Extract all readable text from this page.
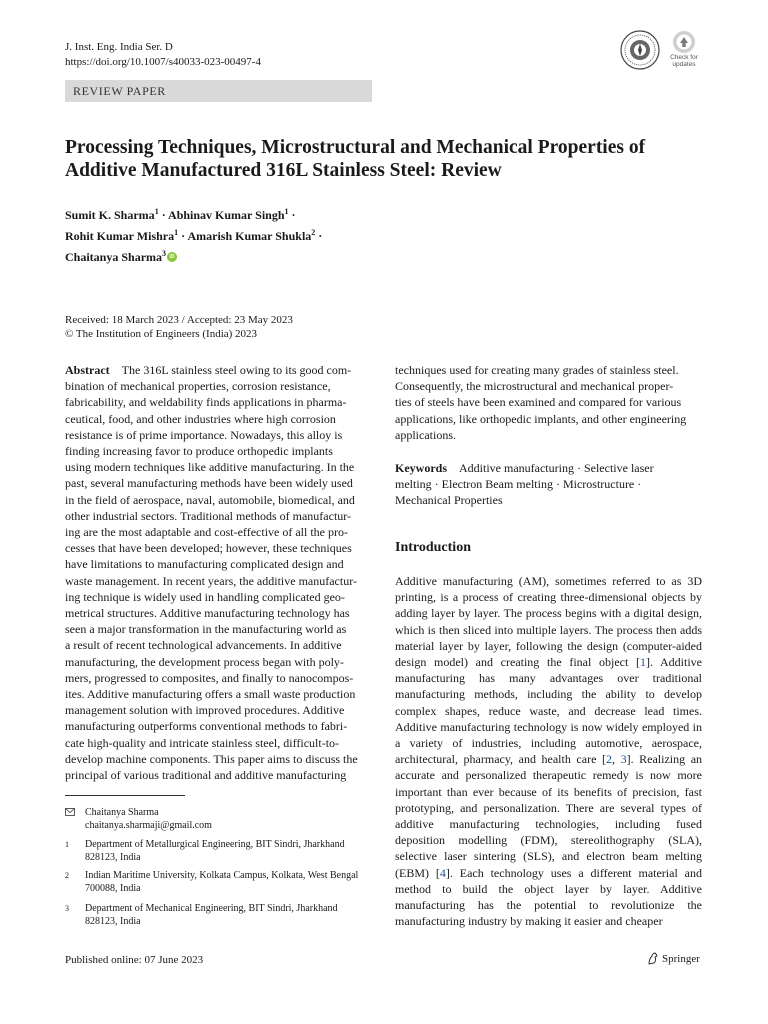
J. Inst. Eng. India Ser. D
https://doi.org/10.1007/s40033-023-00497-4	Check for
updates
REVIEW PAPER
Processing Techniques, Microstructural and Mechanical Properties of Additive Manufactured 316L Stainless Steel: Review
Sumit K. Sharma$^1$ · Abhinav Kumar Singh$^1$ ·
Rohit Kumar Mishra$^1$ · Amarish Kumar Shukla$^2$ ·
Chaitanya Sharma$^3$iD
Received: 18 March 2023 / Accepted: 23 May 2023
© The Institution of Engineers (India) 2023
Abstract The 316L stainless steel owing to its good com-
bination of mechanical properties, corrosion resistance,
fabricability, and weldability finds applications in pharma-
ceutical, food, and other industries where high corrosion
resistance is of prime importance. Nowadays, this alloy is
finding increasing favor to produce orthopedic implants
using modern techniques like additive manufacturing. In the
past, several manufacturing methods have been widely used
in the field of aerospace, naval, automobile, biomedical, and
other industrial sectors. Traditional methods of manufactur-
ing are the most adaptable and cost-effective of all the pro-
cesses that have been developed; however, these techniques
have limitations to manufacturing complicated design and
waste management. In recent years, the additive manufactur-
ing technique is widely used in handling complicated geo-
metrical structures. Additive manufacturing technology has
seen a major transformation in the manufacturing world as
a result of recent technological advancements. In additive
manufacturing, the development process began with poly-
mers, progressed to composites, and finally to nanocompos-
ites. Additive manufacturing offers a small waste production
management solution with improved procedures. Additive
manufacturing outperforms conventional methods to fabri-
cate high-quality and intricate stainless steel, difficult-to-
develop machine components. This paper aims to discuss the
principal of various traditional and additive manufacturing
techniques used for creating many grades of stainless steel.
Consequently, the microstructural and mechanical proper-
ties of steels have been examined and compared for various
applications, like orthopedic implants, and other engineering
applications.
Keywords Additive manufacturing · Selective laser
melting · Electron Beam melting · Microstructure ·
Mechanical Properties
Introduction
Additive manufacturing (AM), sometimes referred to as 3D printing, is a process of creating three-dimensional objects by adding layer by layer. The process begins with a digital design, which is then sliced into multiple layers. The process then adds material layer by layer, following the design (computer-aided design model) and creating the final object [1]. Additive manufacturing has many advantages over traditional manufacturing methods, including the ability to develop complex shapes, reduce waste, and decrease lead times. Additive manufacturing technology is now widely employed in a variety of industries, including automotive, aerospace, architectural, pharmacy, and health care [2, 3]. Realizing an accurate and personalized therapeutic remedy is now more important than ever because of its benefits of precision, fast prototyping, and personalization. There are several types of additive manufacturing technologies, including fused deposition modelling (FDM), stereolithography (SLA), selective laser sintering (SLS), and electron beam melting (EBM) [4]. Each technology uses a different material and method to build the object layer by layer. Additive manufacturing has the potential to revolutionize the manufacturing industry by making it easier and cheaper
Chaitanya Sharma
chaitanya.sharmaji@gmail.com
1 Department of Metallurgical Engineering, BIT Sindri, Jharkhand 828123, India
2 Indian Maritime University, Kolkata Campus, Kolkata, West Bengal 700088, India
3 Department of Mechanical Engineering, BIT Sindri, Jharkhand 828123, India
Published online: 07 June 2023	Springer
